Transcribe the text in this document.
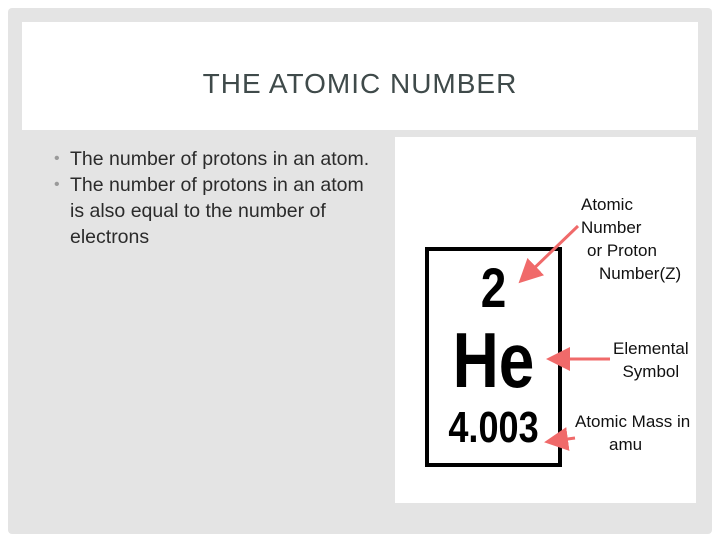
THE ATOMIC NUMBER
• The number of protons in an atom.
• The number of protons in an atom is also equal to the number of electrons
2
He
4.003
Atomic Number
or Proton
Number(Z)
Elemental
Symbol
Atomic Mass in
amu
